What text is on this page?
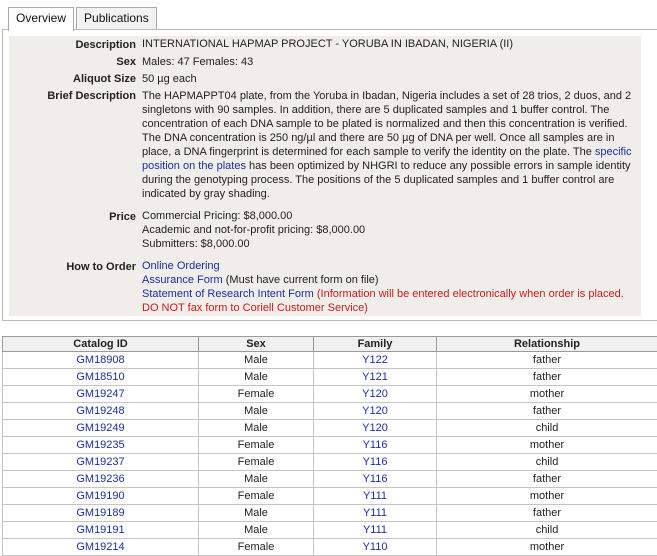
Overview	Publications
Description	INTERNATIONAL HAPMAP PROJECT - YORUBA IN IBADAN, NIGERIA (II)
Sex	Males: 47 Females: 43
Aliquot Size	50 µg each
Brief Description	The HAPMAPPT04 plate, from the Yoruba in Ibadan, Nigeria includes a set of 28 trios, 2 duos, and 2 singletons with 90 samples. In addition, there are 5 duplicated samples and 1 buffer control. The concentration of each DNA sample to be plated is normalized and then this concentration is verified. The DNA concentration is 250 ng/µl and there are 50 µg of DNA per well. Once all samples are in place, a DNA fingerprint is determined for each sample to verify the identity on the plate. The specific position on the plates has been optimized by NHGRI to reduce any possible errors in sample identity during the genotyping process. The positions of the 5 duplicated samples and 1 buffer control are indicated by gray shading.

Price	Commercial Pricing: $8,000.00
Academic and not-for-profit pricing: $8,000.00
Submitters: $8,000.00

How to Order	Online Ordering
Assurance Form (Must have current form on file)
Statement of Research Intent Form (Information will be entered electronically when order is placed. DO NOT fax form to Coriell Customer Service)
Catalog ID	Sex	Family	Relationship
GM18908	Male	Y122	father
GM18510	Male	Y121	father
GM19247	Female	Y120	mother
GM19248	Male	Y120	father
GM19249	Male	Y120	child
GM19235	Female	Y116	mother
GM19237	Female	Y116	child
GM19236	Male	Y116	father
GM19190	Female	Y111	mother
GM19189	Male	Y111	father
GM19191	Male	Y111	child
GM19214	Female	Y110	mother
